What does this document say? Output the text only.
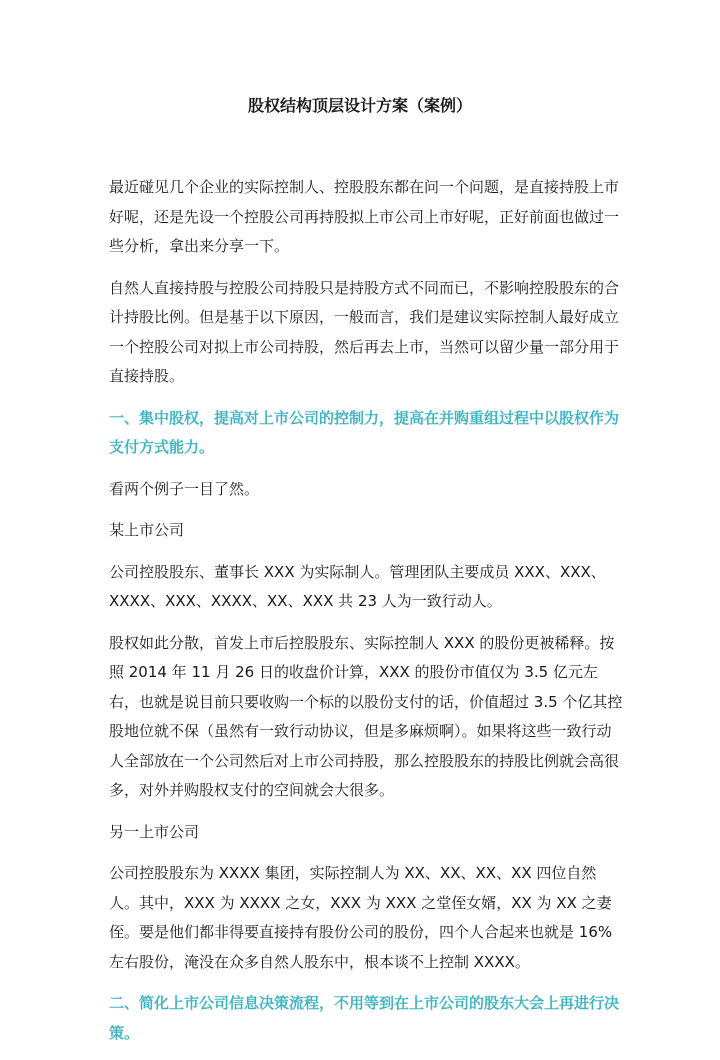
股权结构顶层设计方案（案例）

最近碰见几个企业的实际控制人、控股股东都在问一个问题，是直接持股上市好呢，还是先设一个控股公司再持股拟上市公司上市好呢，正好前面也做过一些分析，拿出来分享一下。

自然人直接持股与控股公司持股只是持股方式不同而已，不影响控股股东的合计持股比例。但是基于以下原因，一般而言，我们是建议实际控制人最好成立一个控股公司对拟上市公司持股，然后再去上市，当然可以留少量一部分用于直接持股。

一、集中股权，提高对上市公司的控制力，提高在并购重组过程中以股权作为支付方式能力。

看两个例子一目了然。

某上市公司

公司控股股东、董事长 XXX 为实际制人。管理团队主要成员 XXX、XXX、XXXX、XXX、XXXX、XX、XXX 共 23 人为一致行动人。

股权如此分散，首发上市后控股股东、实际控制人 XXX 的股份更被稀释。按照 2014 年 11 月 26 日的收盘价计算，XXX 的股份市值仅为 3.5 亿元左右，也就是说目前只要收购一个标的以股份支付的话，价值超过 3.5 个亿其控股地位就不保（虽然有一致行动协议，但是多麻烦啊）。如果将这些一致行动人全部放在一个公司然后对上市公司持股，那么控股股东的持股比例就会高很多，对外并购股权支付的空间就会大很多。

另一上市公司

公司控股股东为 XXXX 集团，实际控制人为 XX、XX、XX、XX 四位自然人。其中，XXX 为 XXXX 之女，XXX 为 XXX 之堂侄女婿，XX 为 XX 之妻侄。要是他们都非得要直接持有股份公司的股份，四个人合起来也就是 16%左右股份，淹没在众多自然人股东中，根本谈不上控制 XXXX。

二、简化上市公司信息决策流程，不用等到在上市公司的股东大会上再进行决策。
